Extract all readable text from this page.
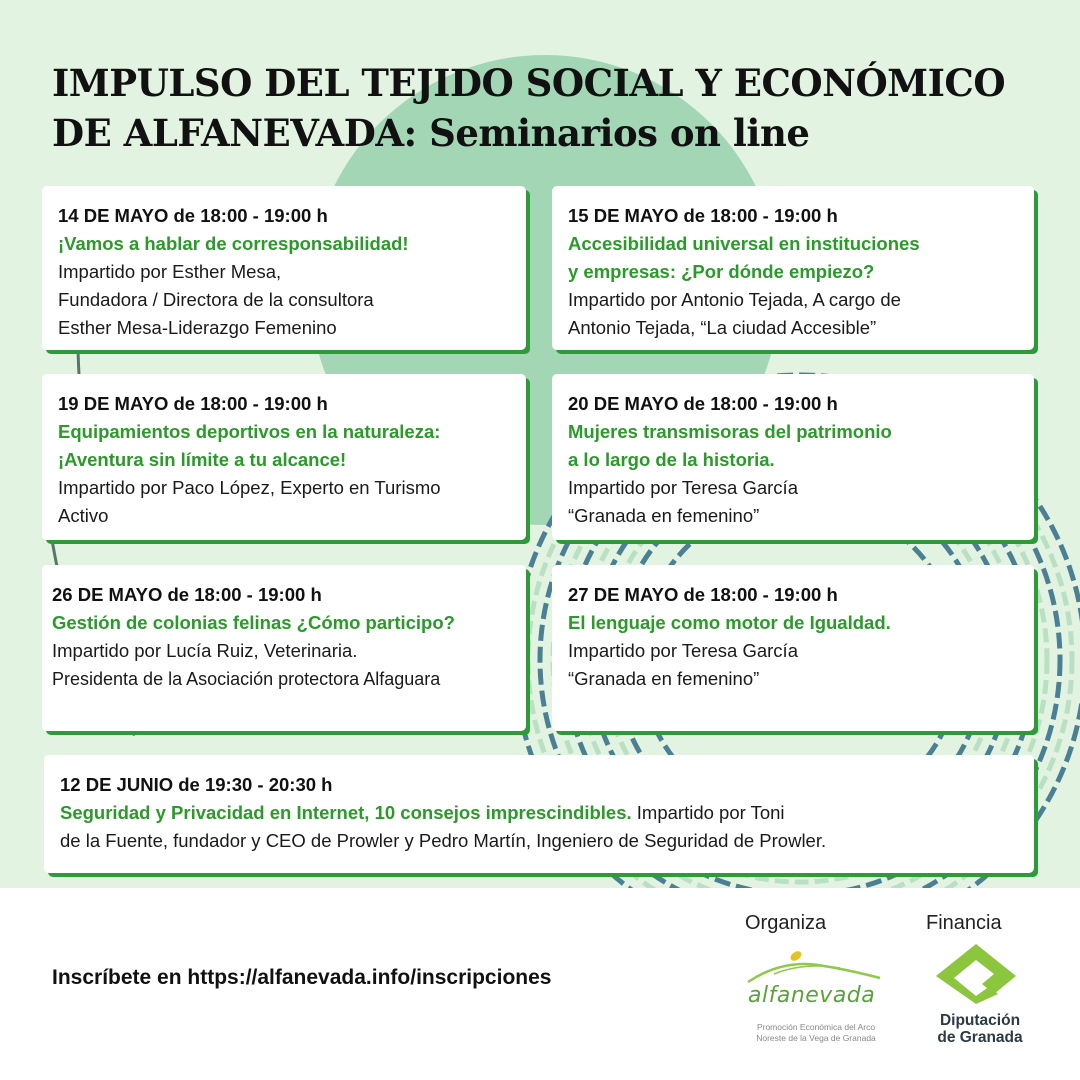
IMPULSO DEL TEJIDO SOCIAL Y ECONÓMICO
DE ALFANEVADA: Seminarios on line
14 DE MAYO de 18:00 - 19:00 h
¡Vamos a hablar de corresponsabilidad!
Impartido por Esther Mesa,
Fundadora / Directora de la consultora
Esther Mesa-Liderazgo Femenino
15 DE MAYO de 18:00 - 19:00 h
Accesibilidad universal en instituciones
y empresas: ¿Por dónde empiezo?
Impartido por Antonio Tejada, A cargo de
Antonio Tejada, “La ciudad Accesible”
19 DE MAYO de 18:00 - 19:00 h
Equipamientos deportivos en la naturaleza:
¡Aventura sin límite a tu alcance!
Impartido por Paco López, Experto en Turismo
Activo
20 DE MAYO de 18:00 - 19:00 h
Mujeres transmisoras del patrimonio
a lo largo de la historia.
Impartido por Teresa García
“Granada en femenino”
26 DE MAYO de 18:00 - 19:00 h
Gestión de colonias felinas ¿Cómo participo?
Impartido por Lucía Ruiz, Veterinaria.
Presidenta de la Asociación protectora Alfaguara
27 DE MAYO de 18:00 - 19:00 h
El lenguaje como motor de Igualdad.
Impartido por Teresa García
“Granada en femenino”
12 DE JUNIO de 19:30 - 20:30 h
Seguridad y Privacidad en Internet, 10 consejos imprescindibles. Impartido por Toni
de la Fuente, fundador y CEO de Prowler y Pedro Martín, Ingeniero de Seguridad de Prowler.
Inscríbete en https://alfanevada.info/inscripciones
Organiza	Financia
alfanevada
Promoción Económica del Arco
Noreste de la Vega de Granada
Diputación
de Granada
